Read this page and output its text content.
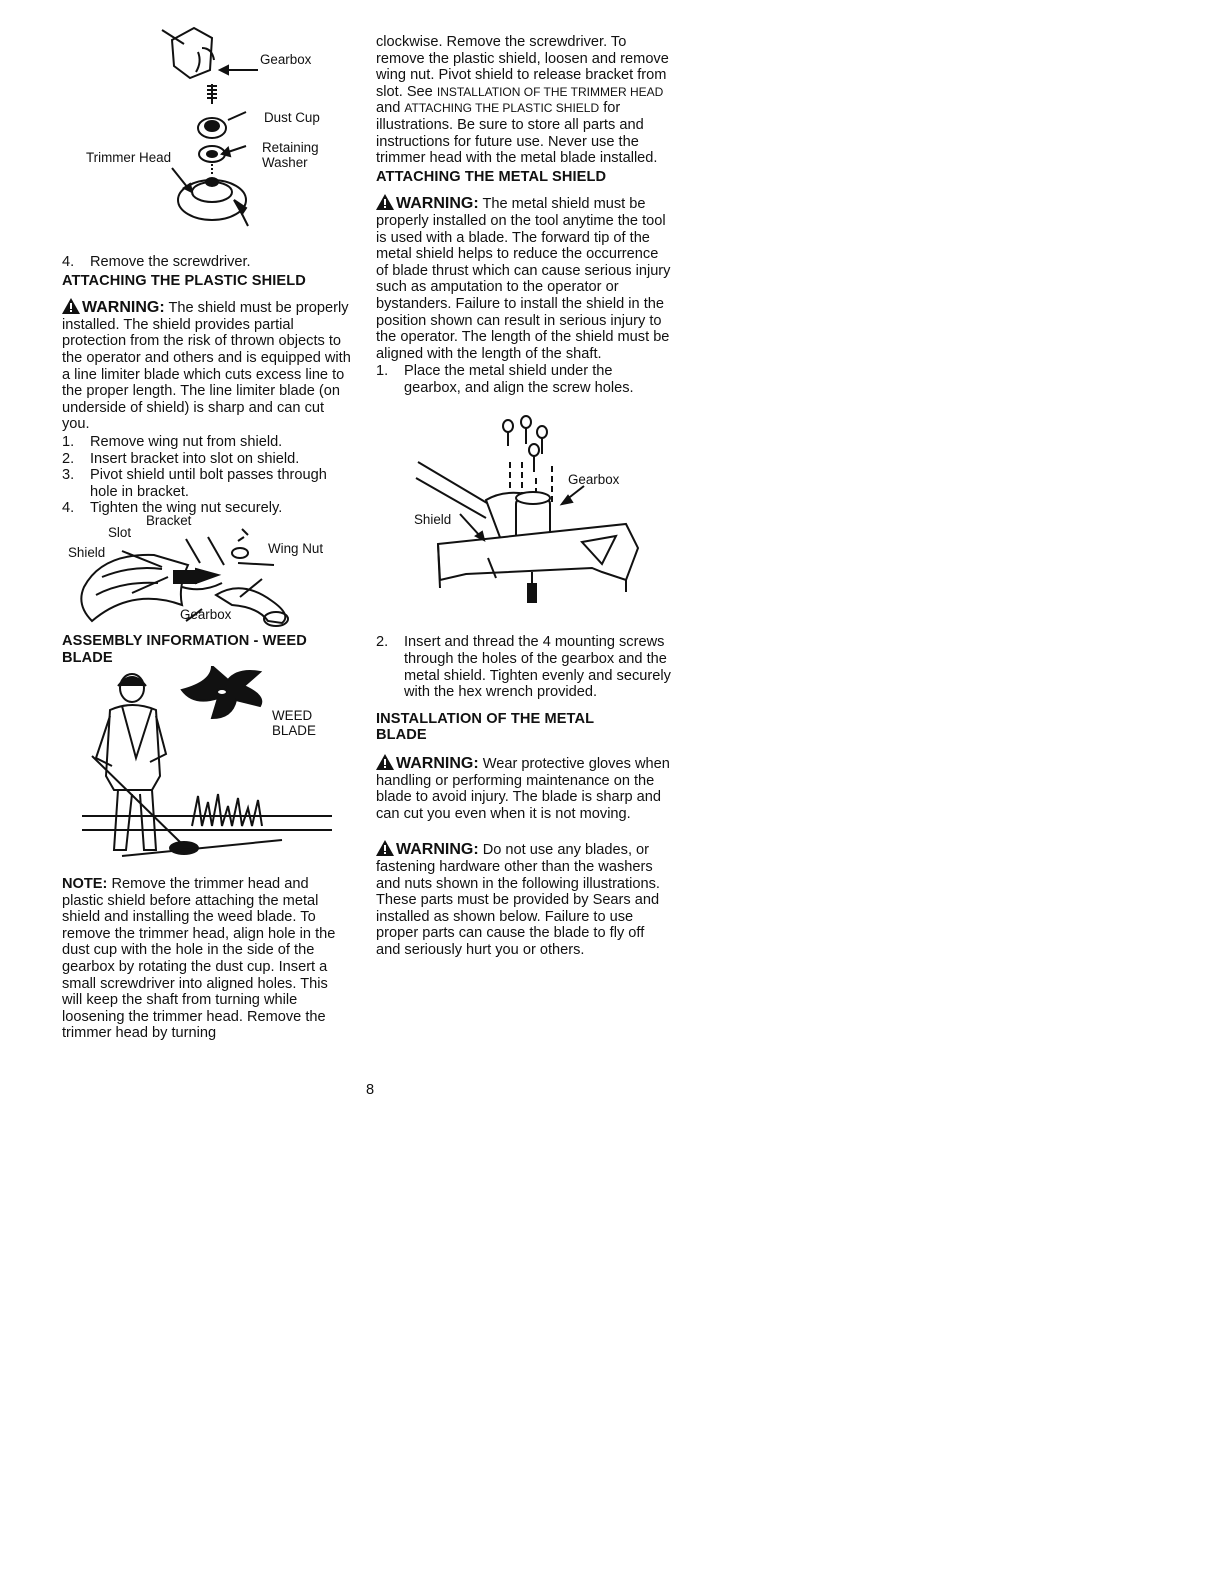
Gearbox
Dust Cup
Retaining
Washer
Trimmer Head
4. Remove the screwdriver.

ATTACHING THE PLASTIC SHIELD

WARNING: The shield must be properly installed. The shield provides partial protection from the risk of thrown objects to the operator and others and is equipped with a line limiter blade which cuts excess line to the proper length. The line limiter blade (on underside of shield) is sharp and can cut you.

1. Remove wing nut from shield.
2. Insert bracket into slot on shield.
3. Pivot shield until bolt passes through hole in bracket.
4. Tighten the wing nut securely.
Bracket
Slot
Shield	Wing Nut
Gearbox

ASSEMBLY INFORMATION - WEED BLADE

WEED
BLADE

NOTE: Remove the trimmer head and plastic shield before attaching the metal shield and installing the weed blade. To remove the trimmer head, align hole in the dust cup with the hole in the side of the gearbox by rotating the dust cup. Insert a small screwdriver into aligned holes. This will keep the shaft from turning while loosening the trimmer head. Remove the trimmer head by turning

clockwise. Remove the screwdriver. To remove the plastic shield, loosen and remove wing nut. Pivot shield to release bracket from slot. See INSTALLATION OF THE TRIMMER HEAD and ATTACHING THE PLASTIC SHIELD for illustrations. Be sure to store all parts and instructions for future use. Never use the trimmer head with the metal blade installed.

ATTACHING THE METAL SHIELD

WARNING: The metal shield must be properly installed on the tool anytime the tool is used with a blade. The forward tip of the metal shield helps to reduce the occurrence of blade thrust which can cause serious injury such as amputation to the operator or bystanders. Failure to install the shield in the position shown can result in serious injury to the operator. The length of the shield must be aligned with the length of the shaft.

1. Place the metal shield under the gearbox, and align the screw holes.
Gearbox
Shield
2. Insert and thread the 4 mounting screws through the holes of the gearbox and the metal shield. Tighten evenly and securely with the hex wrench provided.

INSTALLATION OF THE METAL BLADE

WARNING: Wear protective gloves when handling or performing maintenance on the blade to avoid injury. The blade is sharp and can cut you even when it is not moving.

WARNING: Do not use any blades, or fastening hardware other than the washers and nuts shown in the following illustrations. These parts must be provided by Sears and installed as shown below. Failure to use proper parts can cause the blade to fly off and seriously hurt you or others.

8
